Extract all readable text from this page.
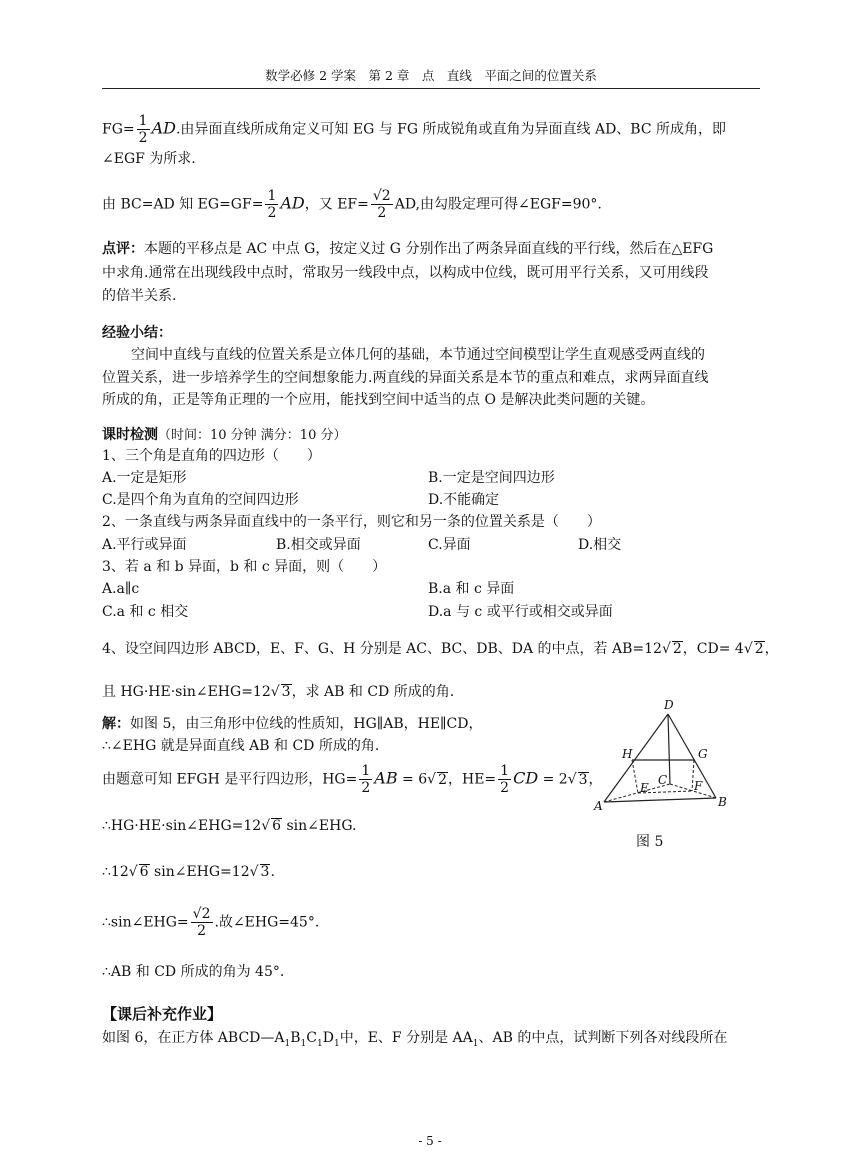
数学必修 2 学案　第 2 章　点　直线　平面之间的位置关系
$FG= \frac{1}{2}$ AD.由异面直线所成角定义可知 EG 与 FG 所成锐角或直角为异面直线 AD、BC 所成角，即
∠EGF 为所求.
由 BC=AD 知 $EG=GF= \frac{1}{2}$ AD，又 $EF= \frac{√2}{2}$ AD,由勾股定理可得∠EGF=90°.
点评：本题的平移点是 AC 中点 G，按定义过 G 分别作出了两条异面直线的平行线，然后在△EFG
中求角.通常在出现线段中点时，常取另一线段中点，以构成中位线，既可用平行关系，又可用线段
的倍半关系.
经验小结：
空间中直线与直线的位置关系是立体几何的基础，本节通过空间模型让学生直观感受两直线的
位置关系，进一步培养学生的空间想象能力.两直线的异面关系是本节的重点和难点，求两异面直线
所成的角，正是等角正理的一个应用，能找到空间中适当的点 O 是解决此类问题的关键。
课时检测（时间：10 分钟 满分：10 分）
1、三个角是直角的四边形（　　）
A.一定是矩形	B.一定是空间四边形
C.是四个角为直角的空间四边形	D.不能确定
2、一条直线与两条异面直线中的一条平行，则它和另一条的位置关系是（　　）
A.平行或异面	B.相交或异面	C.异面	D.相交
3、若 a 和 b 异面，b 和 c 异面，则（　　）
A.a∥c	B.a 和 c 异面
C.a 和 c 相交	D.a 与 c 或平行或相交或异面
4、设空间四边形 ABCD，E、F、G、H 分别是 AC、BC、DB、DA 的中点，若 AB=12√ 2，CD= 4√ 2，
且 HG·HE·sin∠EHG=12√ 3，求 AB 和 CD 所成的角.
解：如图 5，由三角形中位线的性质知，HG∥AB，HE∥CD，
∴∠EHG 就是异面直线 AB 和 CD 所成的角.
由题意可知 EFGH 是平行四边形，$HG= \frac{1}{2}$ AB = 6√ 2，$HE= \frac{1}{2}$ CD = 2√ 3，
∴HG·HE·sin∠EHG=12√ 6 sin∠EHG.
∴12√ 6 sin∠EHG=12√ 3.
∴sin∠EHG= $\frac{√2}{2}$ .故∠EHG=45°.
∴AB 和 CD 所成的角为 45°.
D
H	G
C
E	F
A	B
图 5
【课后补充作业】
如图 6，在正方体 $ABCD—A_1B_1C_1D_1$中，E、F 分别是 $AA_1$、AB 的中点，试判断下列各对线段所在
- 5 -
